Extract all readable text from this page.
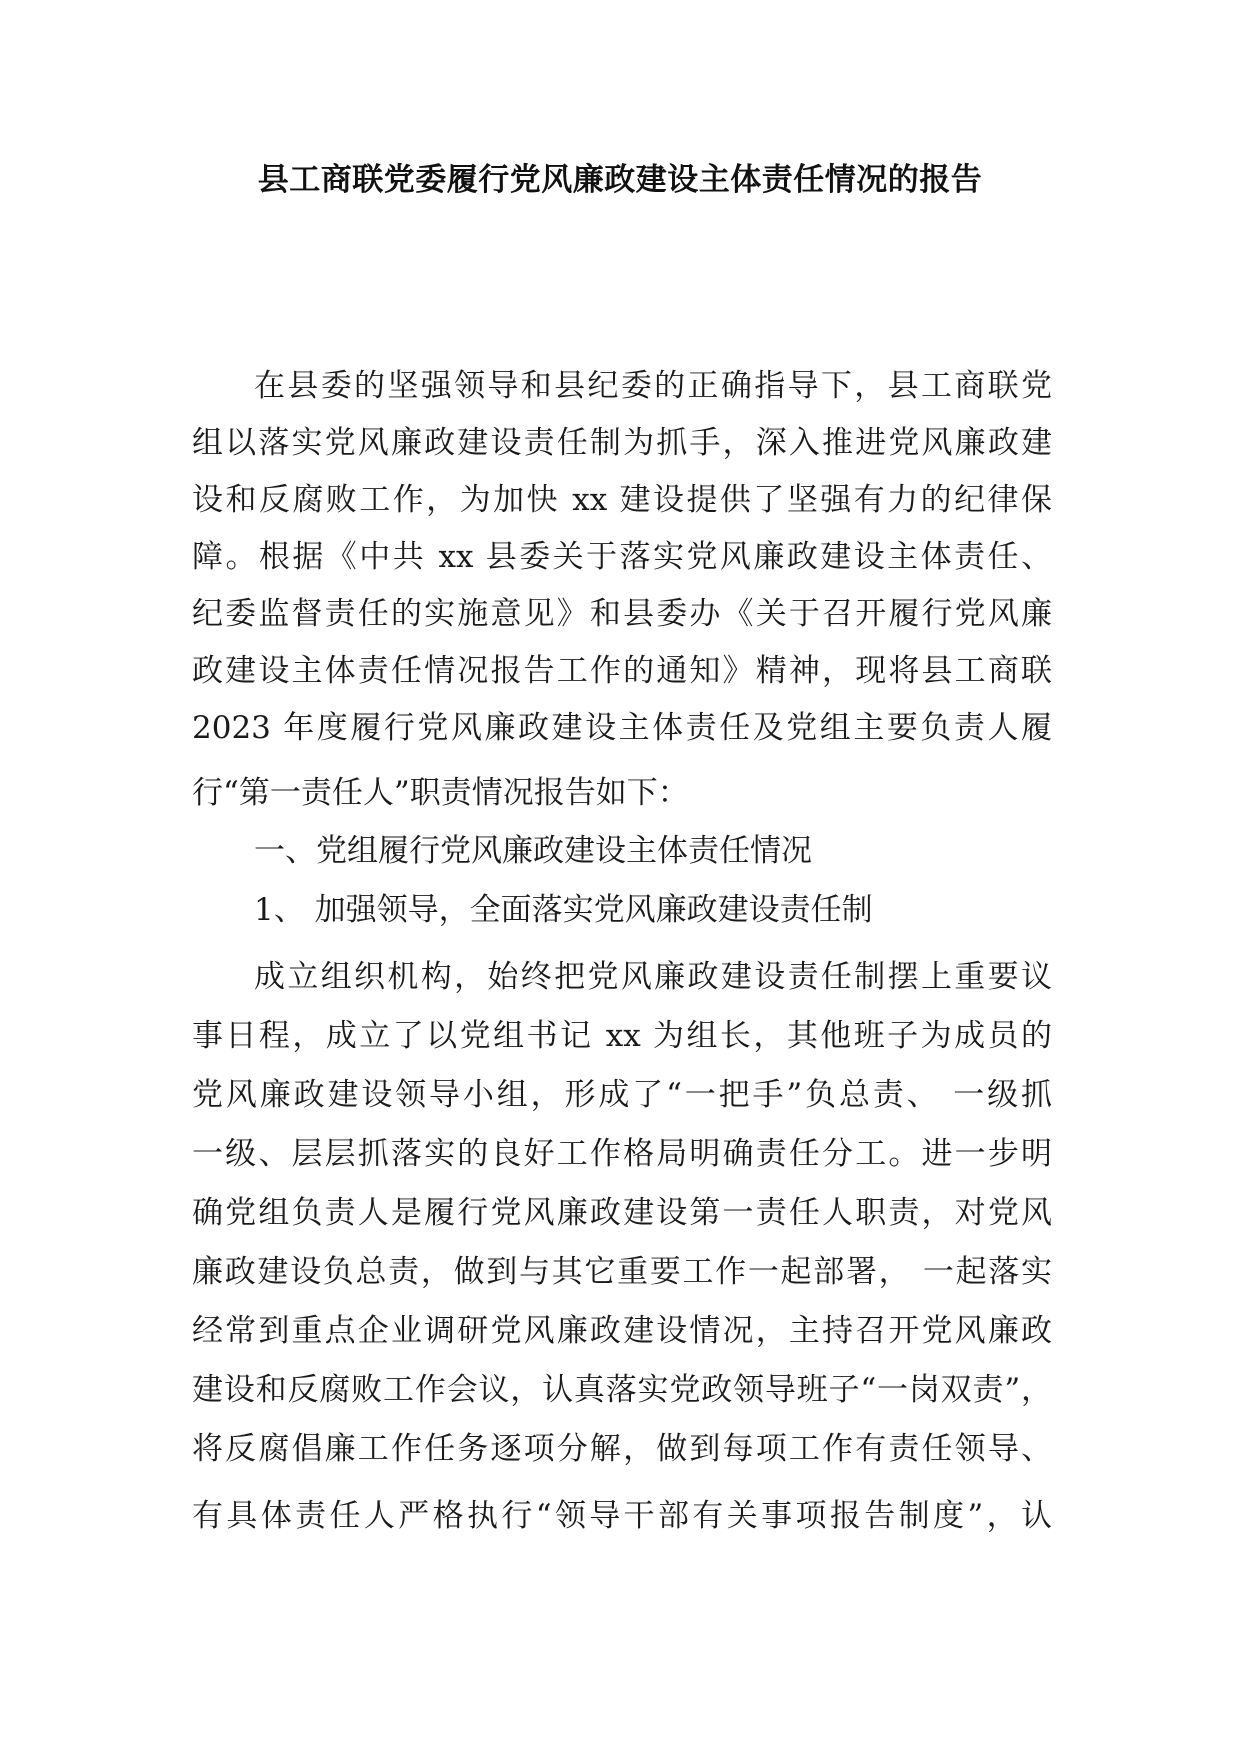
县工商联党委履行党风廉政建设主体责任情况的报告
在县委的坚强领导和县纪委的正确指导下，县工商联党
组以落实党风廉政建设责任制为抓手，深入推进党风廉政建
设和反腐败工作，为加快 xx 建设提供了坚强有力的纪律保
障。根据《中共 xx 县委关于落实党风廉政建设主体责任、
纪委监督责任的实施意见》和县委办《关于召开履行党风廉
政建设主体责任情况报告工作的通知》精神，现将县工商联
2023 年度履行党风廉政建设主体责任及党组主要负责人履
行“第一责任人”职责情况报告如下：
一、党组履行党风廉政建设主体责任情况
1、 加强领导，全面落实党风廉政建设责任制
成立组织机构，始终把党风廉政建设责任制摆上重要议
事日程，成立了以党组书记 xx 为组长，其他班子为成员的
党风廉政建设领导小组，形成了“一把手”负总责、 一级抓
一级、层层抓落实的良好工作格局明确责任分工。进一步明
确党组负责人是履行党风廉政建设第一责任人职责，对党风
廉政建设负总责，做到与其它重要工作一起部署， 一起落实
经常到重点企业调研党风廉政建设情况，主持召开党风廉政
建设和反腐败工作会议，认真落实党政领导班子“一岗双责”，
将反腐倡廉工作任务逐项分解，做到每项工作有责任领导、
有具体责任人严格执行“领导干部有关事项报告制度”，认
